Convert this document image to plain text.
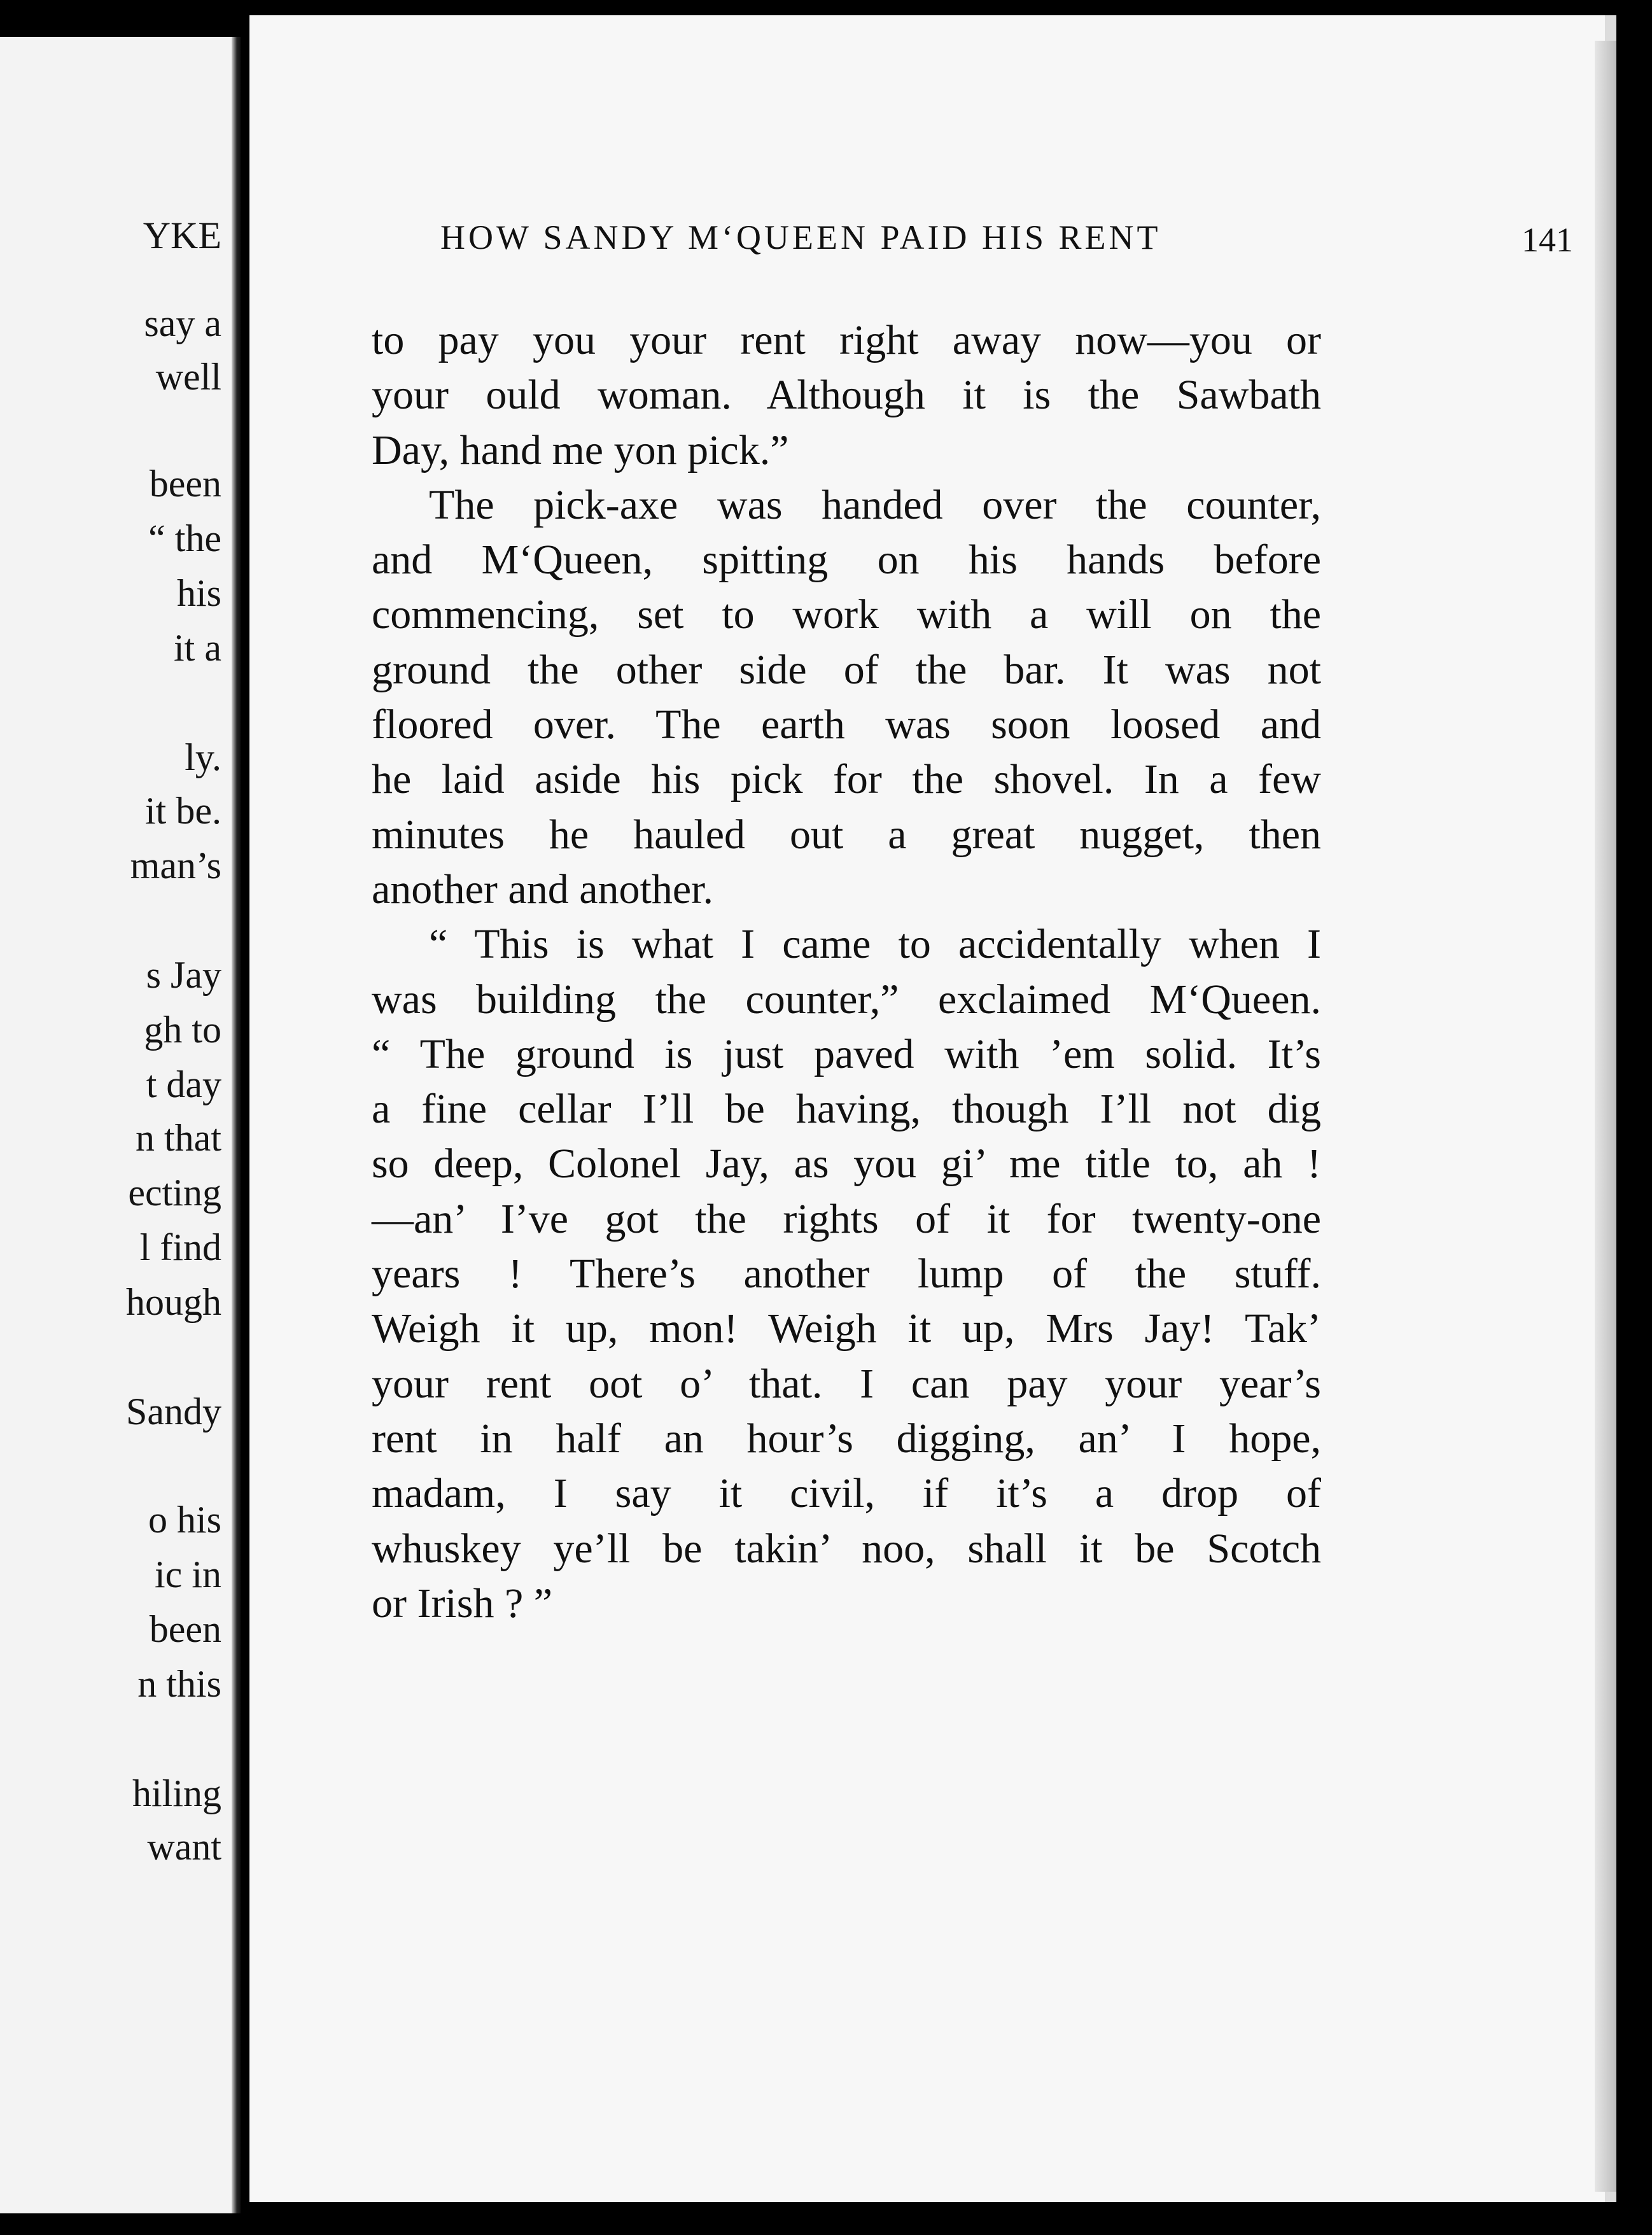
YKE
say a
well
been
“ the
his
it a
ly.
it be.
man’s
s Jay
gh to
t day
n that
ecting
l find
hough
Sandy
o his
ic in
been
n this
hiling
want
HOW SANDY M‘QUEEN PAID HIS RENT	141
to pay you your rent right away now—you or
your ould woman. Although it is the Sawbath
Day, hand me yon pick.”
The pick-axe was handed over the counter,
and M‘Queen, spitting on his hands before
commencing, set to work with a will on the
ground the other side of the bar. It was not
floored over. The earth was soon loosed and
he laid aside his pick for the shovel. In a few
minutes he hauled out a great nugget, then
another and another.
“ This is what I came to accidentally when I
was building the counter,” exclaimed M‘Queen.
“ The ground is just paved with ’em solid. It’s
a fine cellar I’ll be having, though I’ll not dig
so deep, Colonel Jay, as you gi’ me title to, ah !
—an’ I’ve got the rights of it for twenty-one
years ! There’s another lump of the stuff.
Weigh it up, mon! Weigh it up, Mrs Jay! Tak’
your rent oot o’ that. I can pay your year’s
rent in half an hour’s digging, an’ I hope,
madam, I say it civil, if it’s a drop of
whuskey ye’ll be takin’ noo, shall it be Scotch
or Irish ? ”
